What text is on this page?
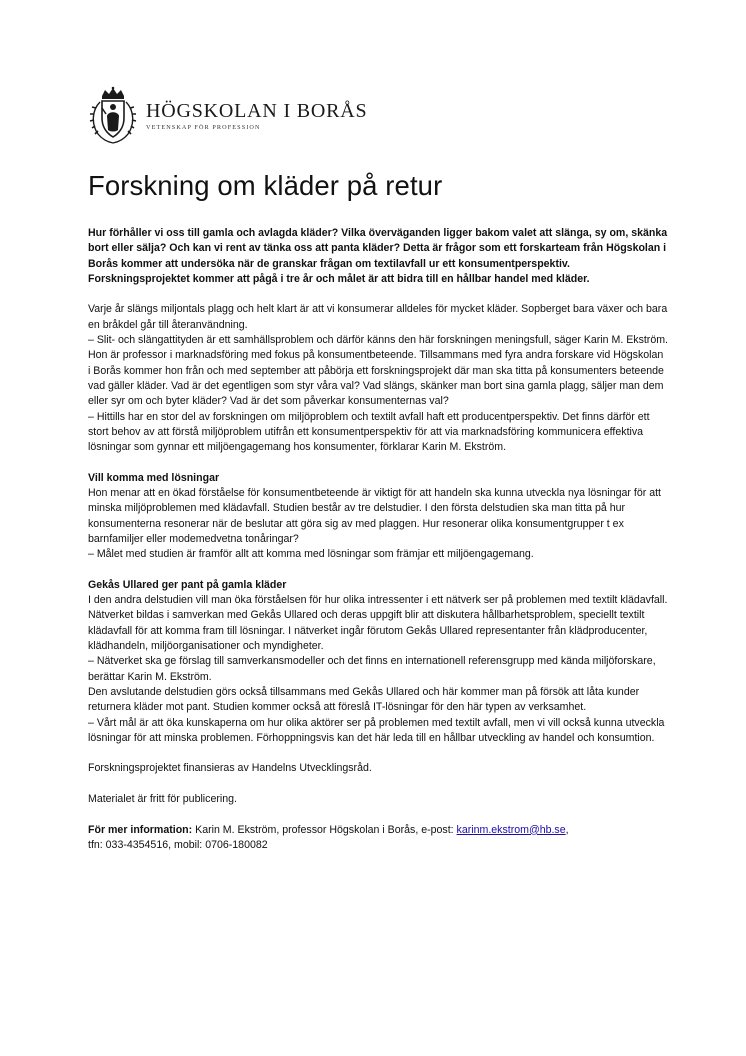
HÖGSKOLAN I BORÅS
VETENSKAP FÖR PROFESSION
Forskning om kläder på retur

Hur förhåller vi oss till gamla och avlagda kläder? Vilka överväganden ligger bakom valet att slänga, sy om, skänka bort eller sälja? Och kan vi rent av tänka oss att panta kläder? Detta är frågor som ett forskarteam från Högskolan i Borås kommer att undersöka när de granskar frågan om textilavfall ur ett konsumentperspektiv. Forskningsprojektet kommer att pågå i tre år och målet är att bidra till en hållbar handel med kläder.

Varje år slängs miljontals plagg och helt klart är att vi konsumerar alldeles för mycket kläder. Sopberget bara växer och bara en bråkdel går till återanvändning.
– Slit- och slängattityden är ett samhällsproblem och därför känns den här forskningen meningsfull, säger Karin M. Ekström.
Hon är professor i marknadsföring med fokus på konsumentbeteende. Tillsammans med fyra andra forskare vid Högskolan i Borås kommer hon från och med september att påbörja ett forskningsprojekt där man ska titta på konsumenters beteende vad gäller kläder. Vad är det egentligen som styr våra val? Vad slängs, skänker man bort sina gamla plagg, säljer man dem eller syr om och byter kläder? Vad är det som påverkar konsumenternas val?
– Hittills har en stor del av forskningen om miljöproblem och textilt avfall haft ett producentperspektiv. Det finns därför ett stort behov av att förstå miljöproblem utifrån ett konsumentperspektiv för att via marknadsföring kommunicera effektiva lösningar som gynnar ett miljöengagemang hos konsumenter, förklarar Karin M. Ekström.

Vill komma med lösningar
Hon menar att en ökad förståelse för konsumentbeteende är viktigt för att handeln ska kunna utveckla nya lösningar för att minska miljöproblemen med klädavfall. Studien består av tre delstudier. I den första delstudien ska man titta på hur konsumenterna resonerar när de beslutar att göra sig av med plaggen. Hur resonerar olika konsumentgrupper t ex barnfamiljer eller modemedvetna tonåringar?
– Målet med studien är framför allt att komma med lösningar som främjar ett miljöengagemang.

Gekås Ullared ger pant på gamla kläder
I den andra delstudien vill man öka förståelsen för hur olika intressenter i ett nätverk ser på problemen med textilt klädavfall. Nätverket bildas i samverkan med Gekås Ullared och deras uppgift blir att diskutera hållbarhetsproblem, speciellt textilt klädavfall för att komma fram till lösningar. I nätverket ingår förutom Gekås Ullared representanter från klädproducenter, klädhandeln, miljöorganisationer och myndigheter.
– Nätverket ska ge förslag till samverkansmodeller och det finns en internationell referensgrupp med kända miljöforskare, berättar Karin M. Ekström.
Den avslutande delstudien görs också tillsammans med Gekås Ullared och här kommer man på försök att låta kunder returnera kläder mot pant. Studien kommer också att föreslå IT-lösningar för den här typen av verksamhet.
– Vårt mål är att öka kunskaperna om hur olika aktörer ser på problemen med textilt avfall, men vi vill också kunna utveckla lösningar för att minska problemen. Förhoppningsvis kan det här leda till en hållbar utveckling av handel och konsumtion.

Forskningsprojektet finansieras av Handelns Utvecklingsråd.

Materialet är fritt för publicering.

För mer information: Karin M. Ekström, professor Högskolan i Borås, e-post: karinm.ekstrom@hb.se,
tfn: 033-4354516, mobil: 0706-180082
